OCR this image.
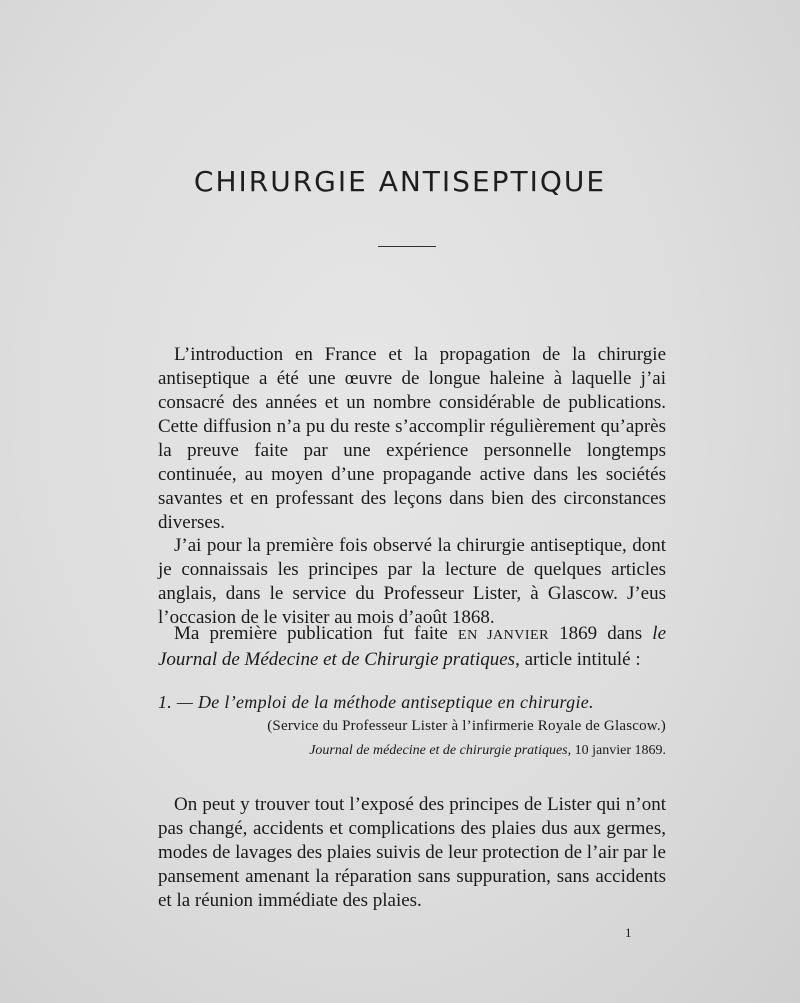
CHIRURGIE ANTISEPTIQUE

L’introduction en France et la propagation de la chirurgie antiseptique a été une œuvre de longue haleine à laquelle j’ai consacré des années et un nombre considérable de publications. Cette diffusion n’a pu du reste s’accomplir régulièrement qu’après la preuve faite par une expérience personnelle longtemps continuée, au moyen d’une propagande active dans les sociétés savantes et en professant des leçons dans bien des circonstances diverses.

J’ai pour la première fois observé la chirurgie antiseptique, dont je connaissais les principes par la lecture de quelques articles anglais, dans le service du Professeur Lister, à Glascow. J’eus l’occasion de le visiter au mois d’août 1868.

Ma première publication fut faite EN JANVIER 1869 dans le Journal de Médecine et de Chirurgie pratiques, article intitulé :

1. — De l’emploi de la méthode antiseptique en chirurgie.

(Service du Professeur Lister à l’infirmerie Royale de Glascow.)

Journal de médecine et de chirurgie pratiques, 10 janvier 1869.

On peut y trouver tout l’exposé des principes de Lister qui n’ont pas changé, accidents et complications des plaies dus aux germes, modes de lavages des plaies suivis de leur protection de l’air par le pansement amenant la réparation sans suppuration, sans accidents et la réunion immédiate des plaies.

1
